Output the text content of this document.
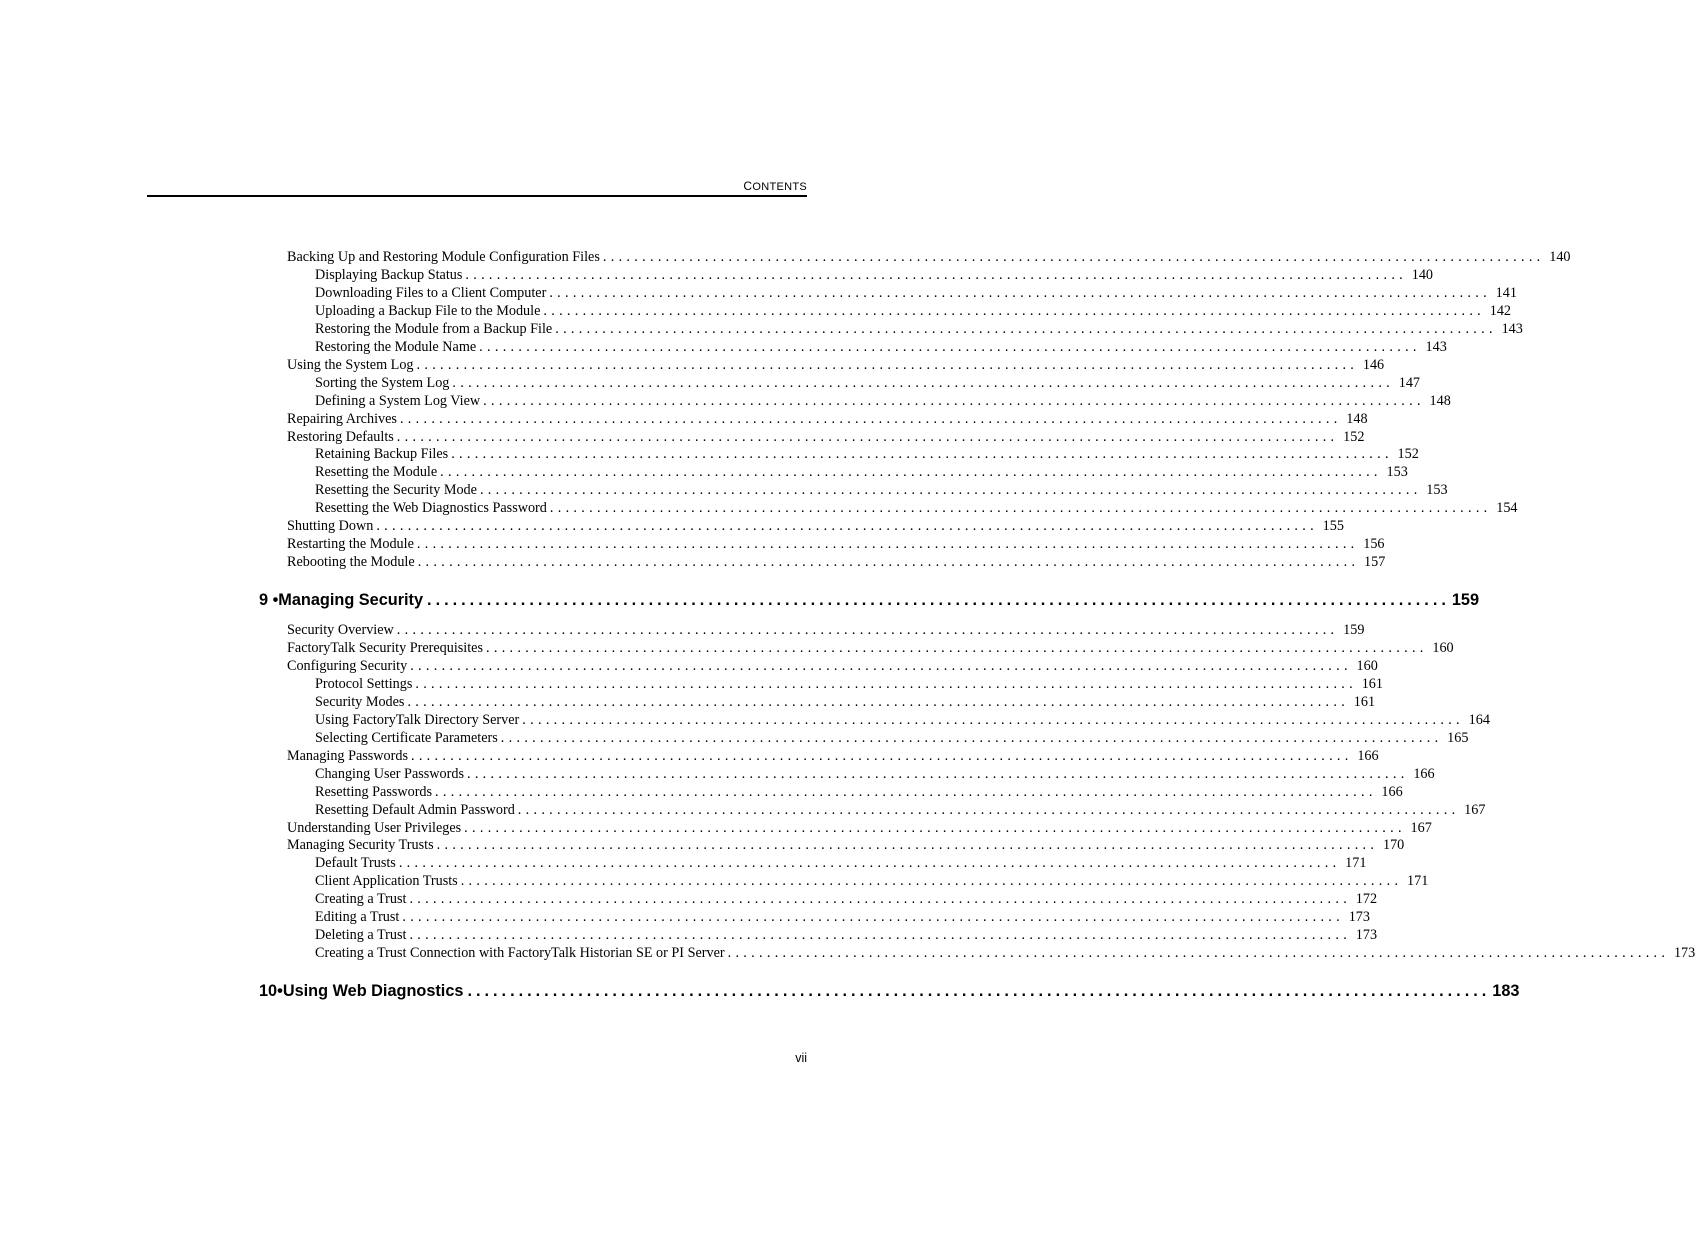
CONTENTS
9 • Managing Security ........................................................................................................................ 159
10• Using Web Diagnostics ........................................................................................................................ 183
Backing Up and Restoring Module Configuration Files ........................................................................................................................ 140
Displaying Backup Status ........................................................................................................................ 140
Downloading Files to a Client Computer ........................................................................................................................ 141
Uploading a Backup File to the Module ........................................................................................................................ 142
Restoring the Module from a Backup File ........................................................................................................................ 143
Restoring the Module Name ........................................................................................................................ 143
Using the System Log ........................................................................................................................ 146
Sorting the System Log ........................................................................................................................ 147
Defining a System Log View ........................................................................................................................ 148
Repairing Archives ........................................................................................................................ 148
Restoring Defaults ........................................................................................................................ 152
Retaining Backup Files ........................................................................................................................ 152
Resetting the Module ........................................................................................................................ 153
Resetting the Security Mode ........................................................................................................................ 153
Resetting the Web Diagnostics Password ........................................................................................................................ 154
Shutting Down ........................................................................................................................ 155
Restarting the Module ........................................................................................................................ 156
Rebooting the Module ........................................................................................................................ 157
Security Overview ........................................................................................................................ 159
FactoryTalk Security Prerequisites ........................................................................................................................ 160
Configuring Security ........................................................................................................................ 160
Protocol Settings ........................................................................................................................ 161
Security Modes ........................................................................................................................ 161
Using FactoryTalk Directory Server ........................................................................................................................ 164
Selecting Certificate Parameters ........................................................................................................................ 165
Managing Passwords ........................................................................................................................ 166
Changing User Passwords ........................................................................................................................ 166
Resetting Passwords ........................................................................................................................ 166
Resetting Default Admin Password ........................................................................................................................ 167
Understanding User Privileges ........................................................................................................................ 167
Managing Security Trusts ........................................................................................................................ 170
Default Trusts ........................................................................................................................ 171
Client Application Trusts ........................................................................................................................ 171
Creating a Trust ........................................................................................................................ 172
Editing a Trust ........................................................................................................................ 173
Deleting a Trust ........................................................................................................................ 173
Creating a Trust Connection with FactoryTalk Historian SE or PI Server ........................................................................................................................ 173
vii
